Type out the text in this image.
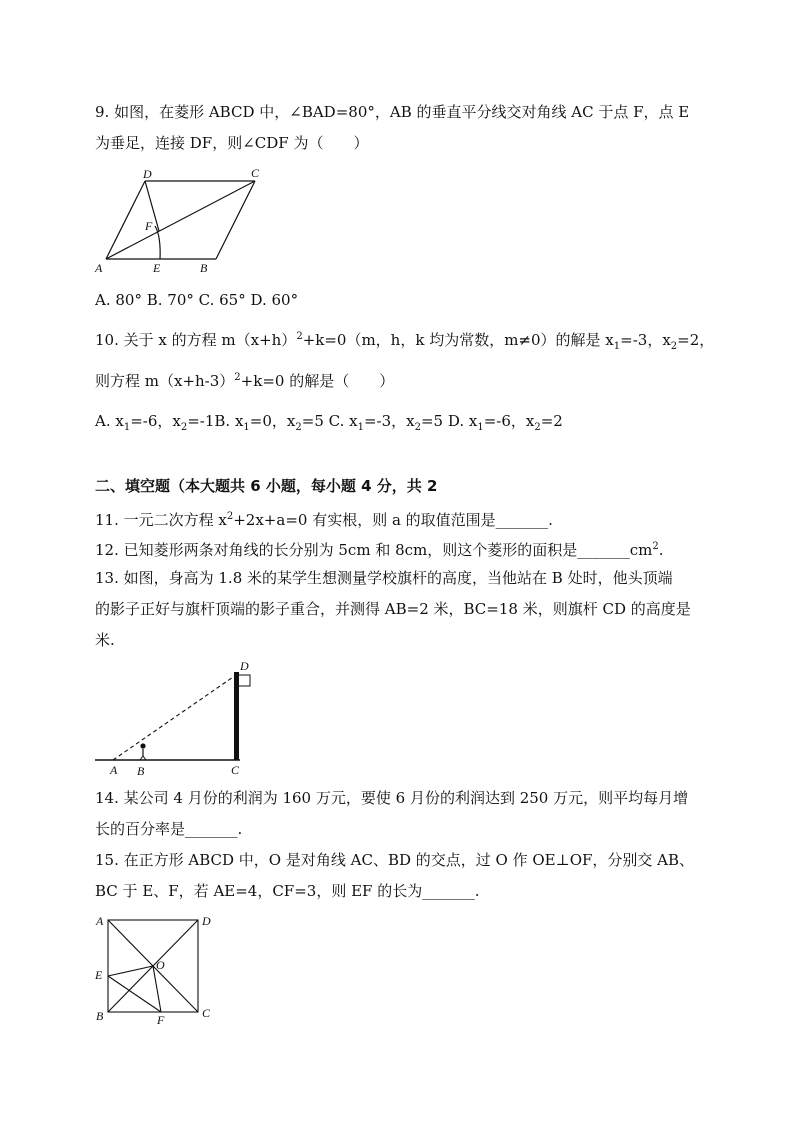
9. 如图，在菱形 ABCD 中，∠BAD=80°，AB 的垂直平分线交对角线 AC 于点 F，点 E
为垂足，连接 DF，则∠CDF 为（　　）
A	E	B
D	C
F
A B	C
D
A	D
E
O
B	F	C
A. 80° B. 70° C. 65° D. 60°
10. 关于 x 的方程 $m(x+h)^2+k=0(m$，h，k 均为常数，m≠0）的解是 $x_1=-3$，$x_2=2$，
则方程 $m(x+h-3)^2+k=0$ 的解是（　　）
A. $x_1=-6$，$x_2=-1B$. $x_1=0$，$x_2=5$ C. $x_1=-3$，$x_2=5$ D. $x_1=-6$，$x_2=2$
二、填空题（本大题共 6 小题，每小题 4 分，共 2
11. 一元二次方程 $x^2+2x+a=0$ 有实根，则 a 的取值范围是_______.
12. 已知菱形两条对角线的长分别为 5cm 和 8cm，则这个菱形的面积是$\_\_\_\_\_\_\_cm^2$.
13. 如图，身高为 1.8 米的某学生想测量学校旗杆的高度，当他站在 B 处时，他头顶端
的影子正好与旗杆顶端的影子重合，并测得 AB=2 米，BC=18 米，则旗杆 CD 的高度是
米.
14. 某公司 4 月份的利润为 160 万元，要使 6 月份的利润达到 250 万元，则平均每月增
长的百分率是_______.
15. 在正方形 ABCD 中，O 是对角线 AC、BD 的交点，过 O 作 OE⊥OF，分别交 AB、
BC 于 E、F，若 AE=4，CF=3，则 EF 的长为_______.
